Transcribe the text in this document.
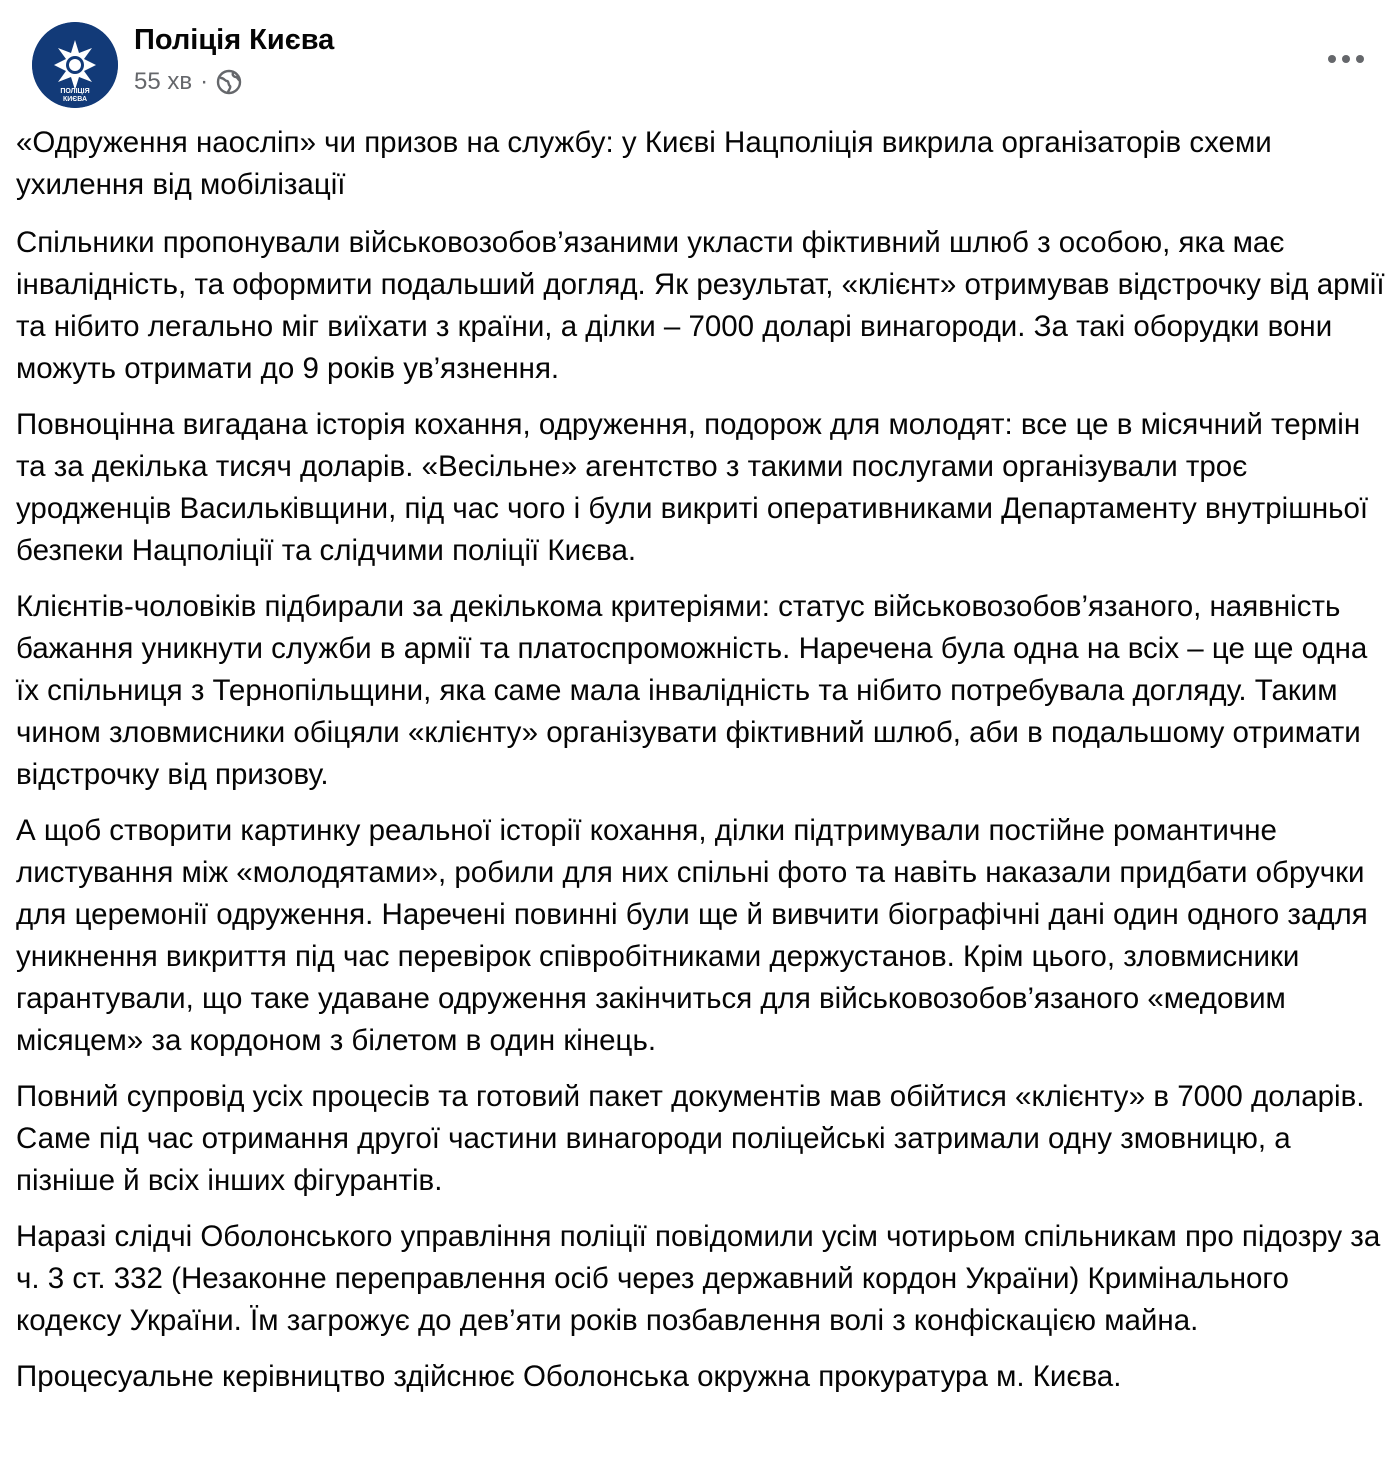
ПОЛІЦІЯ
КИЄВА
Поліція Києва
55 хв ·

«Одруження наосліп» чи призов на службу: у Києві Нацполіція викрила організаторів схеми ухилення від мобілізації

Спільники пропонували військовозобов’язаними укласти фіктивний шлюб з особою, яка має інвалідність, та оформити подальший догляд. Як результат, «клієнт» отримував відстрочку від армії та нібито легально міг виїхати з країни, а ділки – 7000 доларі винагороди. За такі оборудки вони можуть отримати до 9 років ув’язнення.

Повноцінна вигадана історія кохання, одруження, подорож для молодят: все це в місячний термін та за декілька тисяч доларів. «Весільне» агентство з такими послугами організували троє уродженців Васильківщини, під час чого і були викриті оперативниками Департаменту внутрішньої безпеки Нацполіції та слідчими поліції Києва.

Клієнтів-чоловіків підбирали за декількома критеріями: статус військовозобов’язаного, наявність бажання уникнути служби в армії та платоспроможність. Наречена була одна на всіх – це ще одна їх спільниця з Тернопільщини, яка саме мала інвалідність та нібито потребувала догляду. Таким чином зловмисники обіцяли «клієнту» організувати фіктивний шлюб, аби в подальшому отримати відстрочку від призову.

А щоб створити картинку реальної історії кохання, ділки підтримували постійне романтичне листування між «молодятами», робили для них спільні фото та навіть наказали придбати обручки для церемонії одруження. Наречені повинні були ще й вивчити біографічні дані один одного задля уникнення викриття під час перевірок співробітниками держустанов. Крім цього, зловмисники гарантували, що таке удаване одруження закінчиться для військовозобов’язаного «медовим місяцем» за кордоном з білетом в один кінець.

Повний супровід усіх процесів та готовий пакет документів мав обійтися «клієнту» в 7000 доларів. Саме під час отримання другої частини винагороди поліцейські затримали одну змовницю, а пізніше й всіх інших фігурантів.

Наразі слідчі Оболонського управління поліції повідомили усім чотирьом спільникам про підозру за ч. 3 ст. 332 (Незаконне переправлення осіб через державний кордон України) Кримінального кодексу України. Їм загрожує до дев’яти років позбавлення волі з конфіскацією майна.

Процесуальне керівництво здійснює Оболонська окружна прокуратура м. Києва.
